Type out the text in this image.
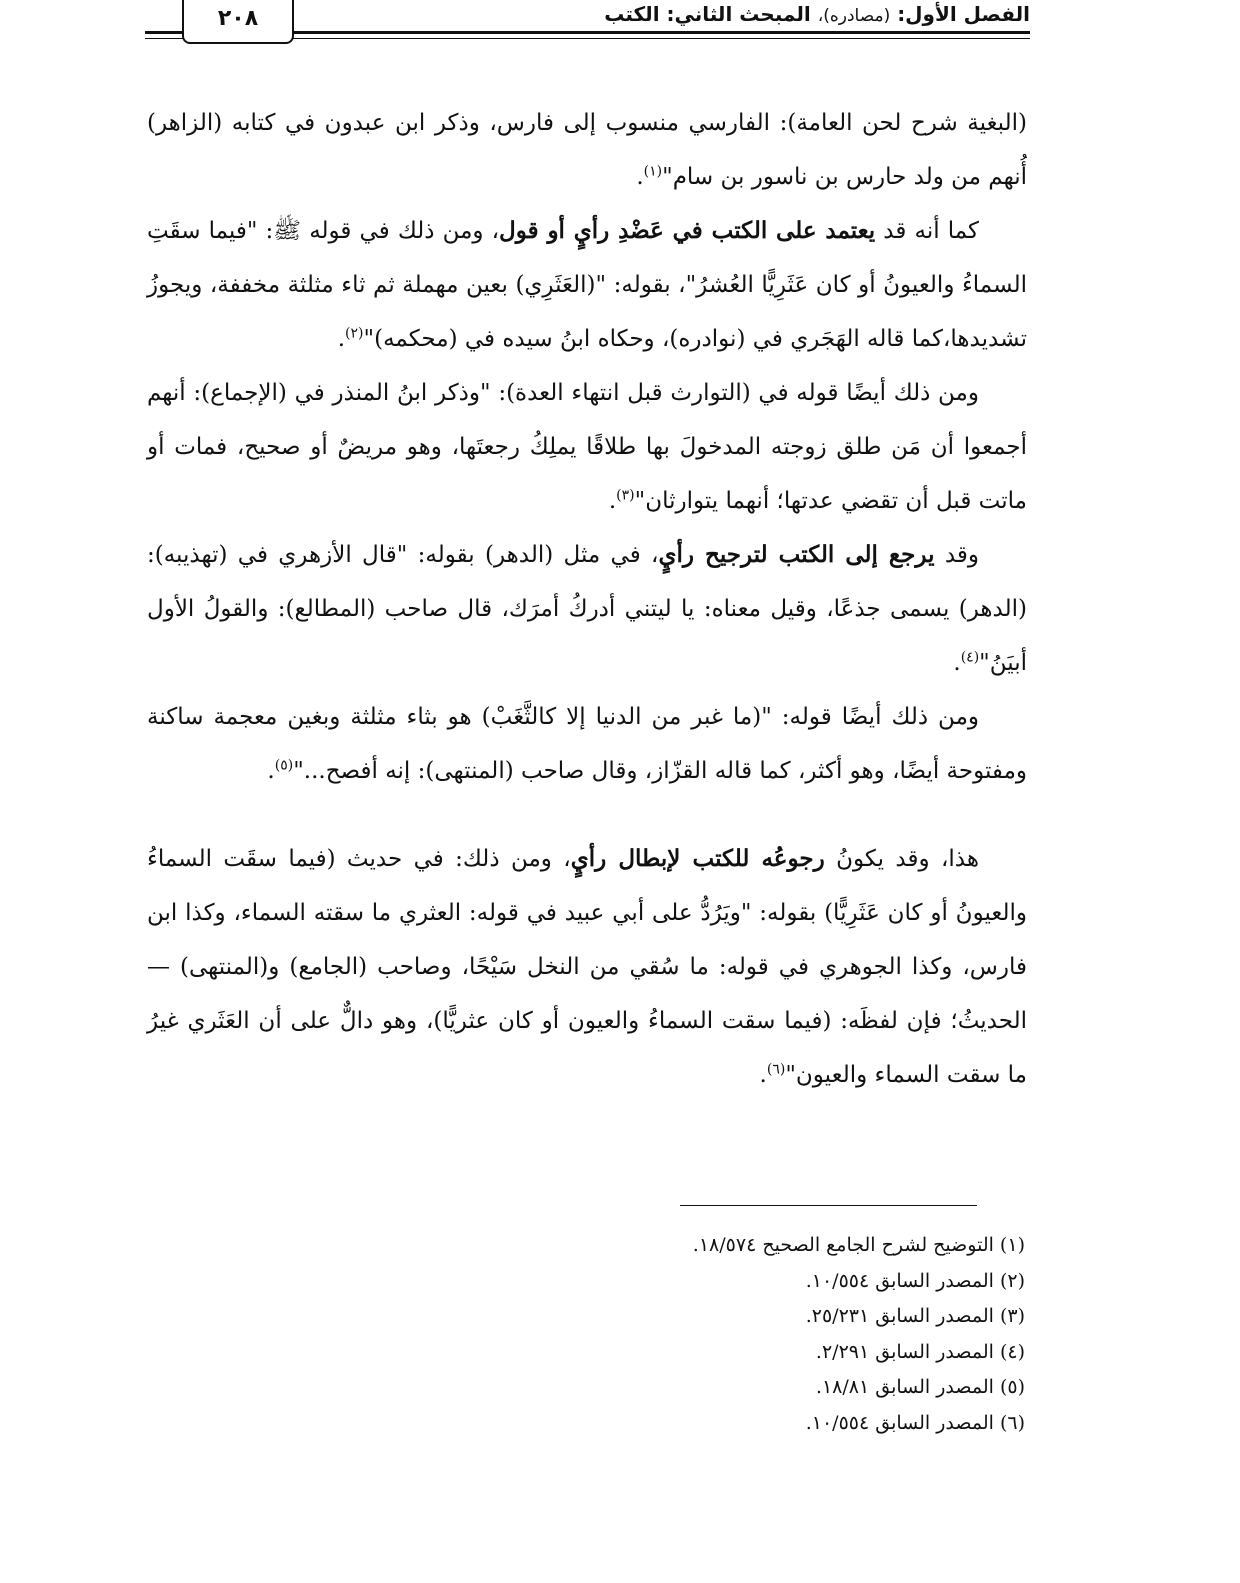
٢٠٨	الفصل الأول: (مصادره)، المبحث الثاني: الكتب

(البغية شرح لحن العامة): الفارسي منسوب إلى فارس، وذكر ابن عبدون في كتابه (الزاهر) أُنهم من ولد حارس بن ناسور بن سام"$^{(١)}$.

كما أنه قد يعتمد على الكتب في عَضْدِ رأيٍ أو قول، ومن ذلك في قوله ﷺ: "فيما سقَتِ السماءُ والعيونُ أو كان عَثَرِيًّا العُشرُ"، بقوله: "(العَثَرِي) بعين مهملة ثم ثاء مثلثة مخففة، ويجوزُ تشديدها،كما قاله الهَجَري في (نوادره)، وحكاه ابنُ سيده في (محكمه)"$^{(٢)}$.

ومن ذلك أيضًا قوله في (التوارث قبل انتهاء العدة): "وذكر ابنُ المنذر في (الإجماع): أنهم أجمعوا أن مَن طلق زوجته المدخولَ بها طلاقًا يملِكُ رجعتَها، وهو مريضٌ أو صحيح، فمات أو ماتت قبل أن تقضي عدتها؛ أنهما يتوارثان"$^{(٣)}$.

وقد يرجع إلى الكتب لترجيح رأيٍ، في مثل (الدهر) بقوله: "قال الأزهري في (تهذيبه): (الدهر) يسمى جذعًا، وقيل معناه: يا ليتني أدركُ أمرَك، قال صاحب (المطالع): والقولُ الأول أبيَنُ"$^{(٤)}$.

ومن ذلك أيضًا قوله: "(ما غبر من الدنيا إلا كالثَّغَبْ) هو بثاء مثلثة وبغين معجمة ساكنة ومفتوحة أيضًا، وهو أكثر، كما قاله القزّاز، وقال صاحب (المنتهى): إنه أفصح..."$^{(٥)}$.

هذا، وقد يكونُ رجوعُه للكتب لإبطال رأيٍ، ومن ذلك: في حديث (فيما سقَت السماءُ والعيونُ أو كان عَثَرِيًّا) بقوله: "ويَرُدُّ على أبي عبيد في قوله: العثري ما سقته السماء، وكذا ابن فارس، وكذا الجوهري في قوله: ما سُقي من النخل سَيْحًا، وصاحب (الجامع) و(المنتهى) — الحديثُ؛ فإن لفظَه: (فيما سقت السماءُ والعيون أو كان عثريًّا)، وهو دالٌّ على أن العَثَري غيرُ ما سقت السماء والعيون"$^{(٦)}$.

(١) التوضيح لشرح الجامع الصحيح ١٨/٥٧٤.
(٢) المصدر السابق ١٠/٥٥٤.
(٣) المصدر السابق ٢٥/٢٣١.
(٤) المصدر السابق ٢/٢٩١.
(٥) المصدر السابق ١٨/٨١.
(٦) المصدر السابق ١٠/٥٥٤.
